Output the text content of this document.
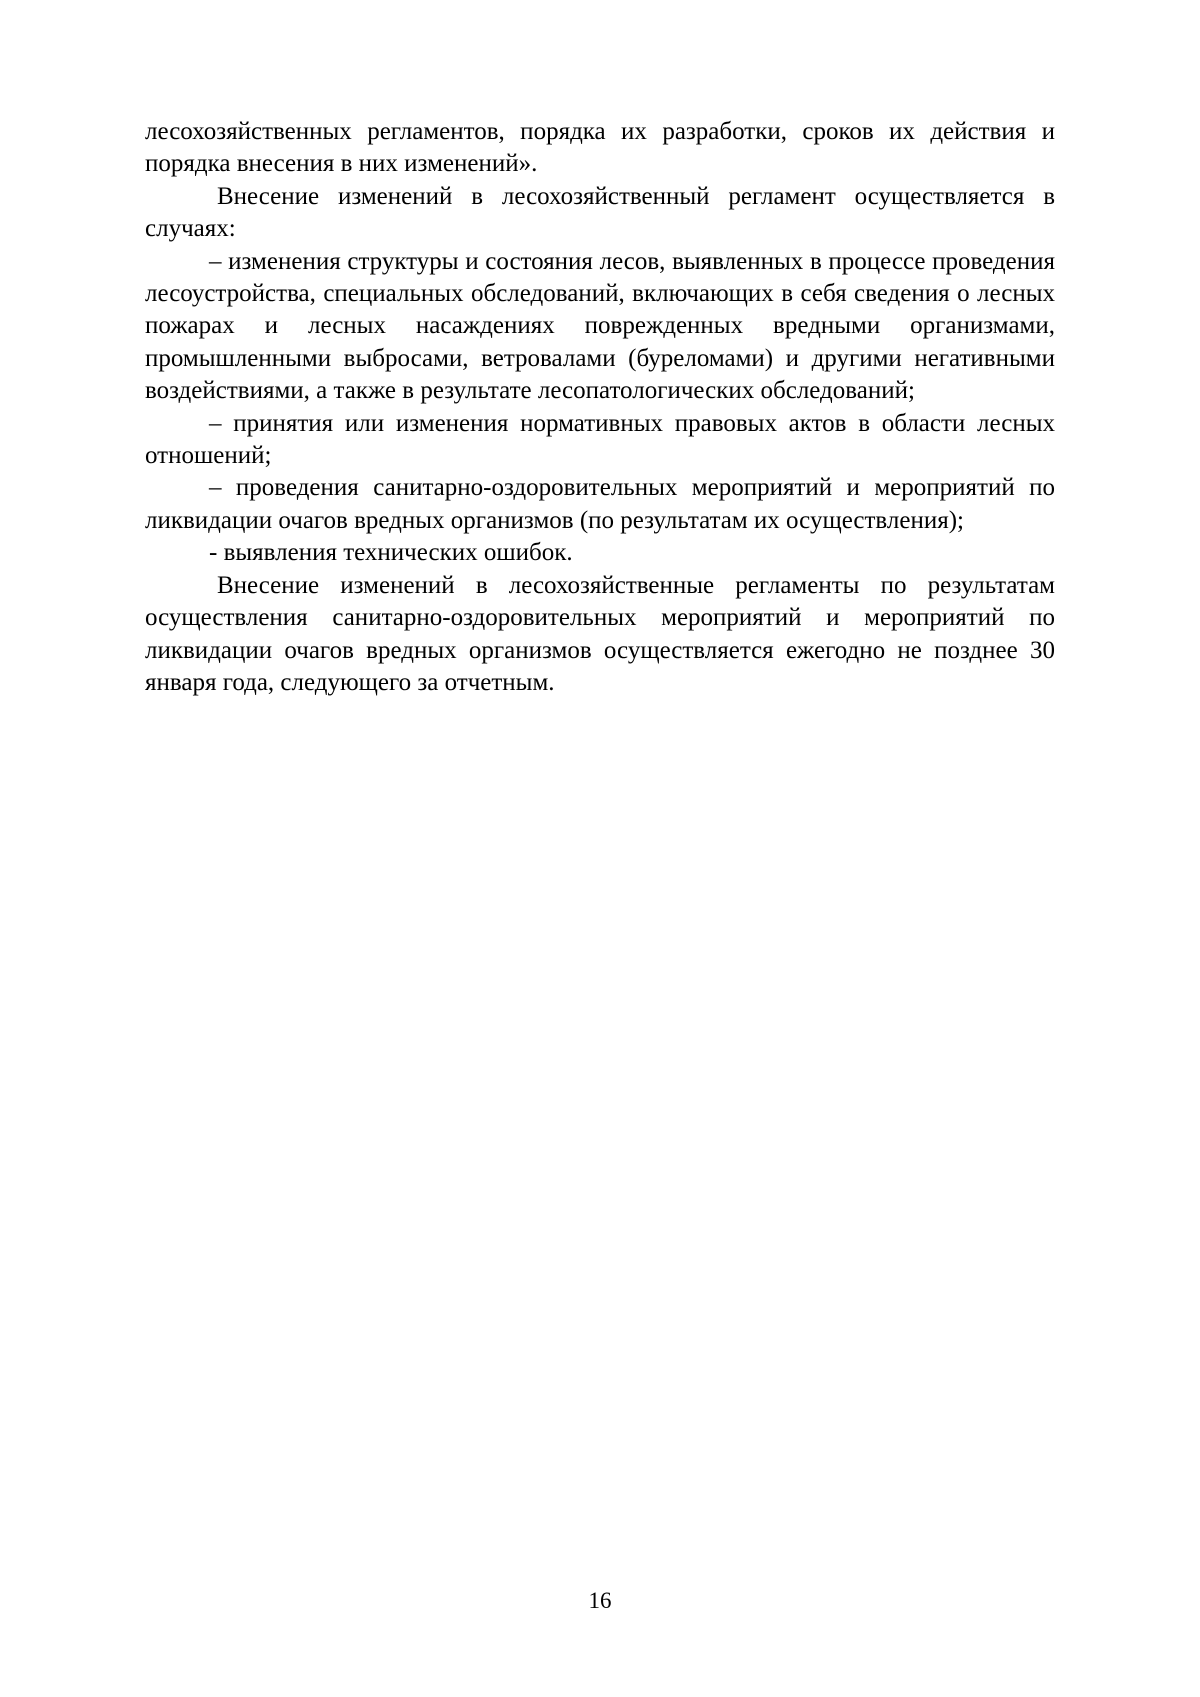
лесохозяйственных регламентов, порядка их разработки, сроков их действия и порядка внесения в них изменений».

Внесение изменений в лесохозяйственный регламент осуществляется в случаях:

– изменения структуры и состояния лесов, выявленных в процессе проведения лесоустройства, специальных обследований, включающих в себя сведения о лесных пожарах и лесных насаждениях поврежденных вредными организмами, промышленными выбросами, ветровалами (буреломами) и другими негативными воздействиями, а также в результате лесопатологических обследований;

– принятия или изменения нормативных правовых актов в области лесных отношений;

– проведения санитарно-оздоровительных мероприятий и мероприятий по ликвидации очагов вредных организмов (по результатам их осуществления);

- выявления технических ошибок.

Внесение изменений в лесохозяйственные регламенты по результатам осуществления санитарно-оздоровительных мероприятий и мероприятий по ликвидации очагов вредных организмов осуществляется ежегодно не позднее 30 января года, следующего за отчетным.

16
